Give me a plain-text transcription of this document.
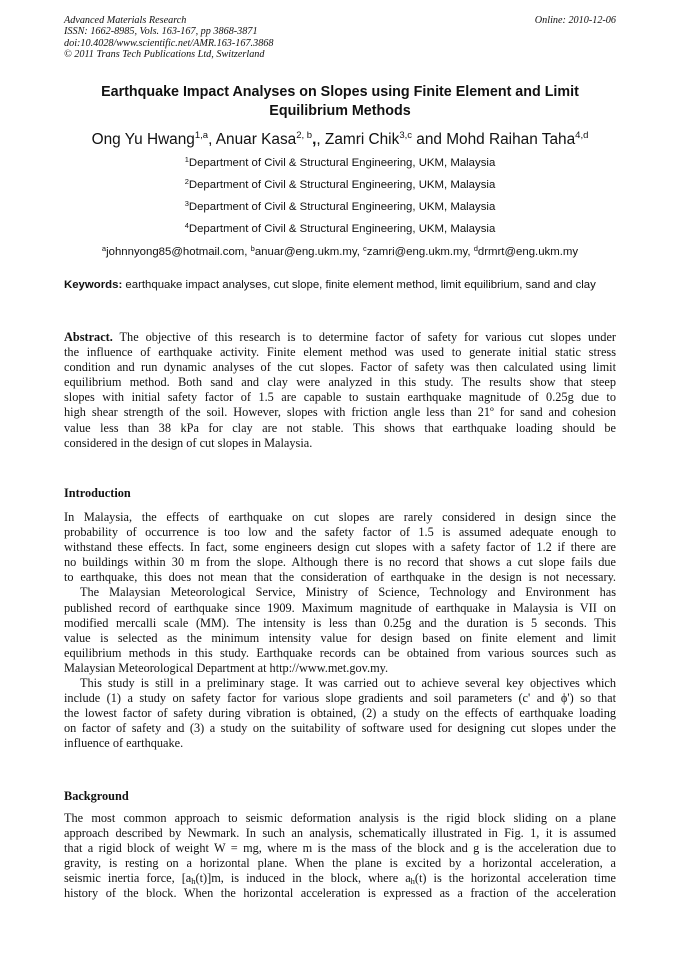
Advanced Materials Research
ISSN: 1662-8985, Vols. 163-167, pp 3868-3871
doi:10.4028/www.scientific.net/AMR.163-167.3868
© 2011 Trans Tech Publications Ltd, Switzerland
Online: 2010-12-06
Earthquake Impact Analyses on Slopes using Finite Element and Limit
Equilibrium Methods
Ong Yu Hwang$^{1,a}$, Anuar Kasa$^{2, b}$,, Zamri Chik$^{3,c}$ and Mohd Raihan Taha$^{4,d}$
$^1$Department of Civil & Structural Engineering, UKM, Malaysia
$^2$Department of Civil & Structural Engineering, UKM, Malaysia
$^3$Department of Civil & Structural Engineering, UKM, Malaysia
$^4$Department of Civil & Structural Engineering, UKM, Malaysia
$^a$johnnyong85@hotmail.com, $^b$anuar@eng.ukm.my, $^c$zamri@eng.ukm.my, $^d$drmrt@eng.ukm.my
Keywords: earthquake impact analyses, cut slope, finite element method, limit equilibrium, sand and clay
Abstract. The objective of this research is to determine factor of safety for various cut slopes under
the influence of earthquake activity. Finite element method was used to generate initial static stress
condition and run dynamic analyses of the cut slopes. Factor of safety was then calculated using limit
equilibrium method. Both sand and clay were analyzed in this study. The results show that steep
slopes with initial safety factor of 1.5 are capable to sustain earthquake magnitude of 0.25g due to
high shear strength of the soil. However, slopes with friction angle less than 21º for sand and cohesion
value less than 38 kPa for clay are not stable. This shows that earthquake loading should be
considered in the design of cut slopes in Malaysia.
Introduction
In Malaysia, the effects of earthquake on cut slopes are rarely considered in design since the
probability of occurrence is too low and the safety factor of 1.5 is assumed adequate enough to
withstand these effects. In fact, some engineers design cut slopes with a safety factor of 1.2 if there are
no buildings within 30 m from the slope. Although there is no record that shows a cut slope fails due
to earthquake, this does not mean that the consideration of earthquake in the design is not necessary.
The Malaysian Meteorological Service, Ministry of Science, Technology and Environment has
published record of earthquake since 1909. Maximum magnitude of earthquake in Malaysia is VII on
modified mercalli scale (MM). The intensity is less than 0.25g and the duration is 5 seconds. This
value is selected as the minimum intensity value for design based on finite element and limit
equilibrium methods in this study. Earthquake records can be obtained from various sources such as
Malaysian Meteorological Department at http://www.met.gov.my.
This study is still in a preliminary stage. It was carried out to achieve several key objectives which
include (1) a study on safety factor for various slope gradients and soil parameters (c' and ϕ') so that
the lowest factor of safety during vibration is obtained, (2) a study on the effects of earthquake loading
on factor of safety and (3) a study on the suitability of software used for designing cut slopes under the
influence of earthquake.
Background
The most common approach to seismic deformation analysis is the rigid block sliding on a plane
approach described by Newmark. In such an analysis, schematically illustrated in Fig. 1, it is assumed
that a rigid block of weight W = mg, where m is the mass of the block and g is the acceleration due to
gravity, is resting on a horizontal plane. When the plane is excited by a horizontal acceleration, a
seismic inertia force, $[a_h(t)]m$, is induced in the block, where $a_h(t)$ is the horizontal acceleration time
history of the block. When the horizontal acceleration is expressed as a fraction of the acceleration
